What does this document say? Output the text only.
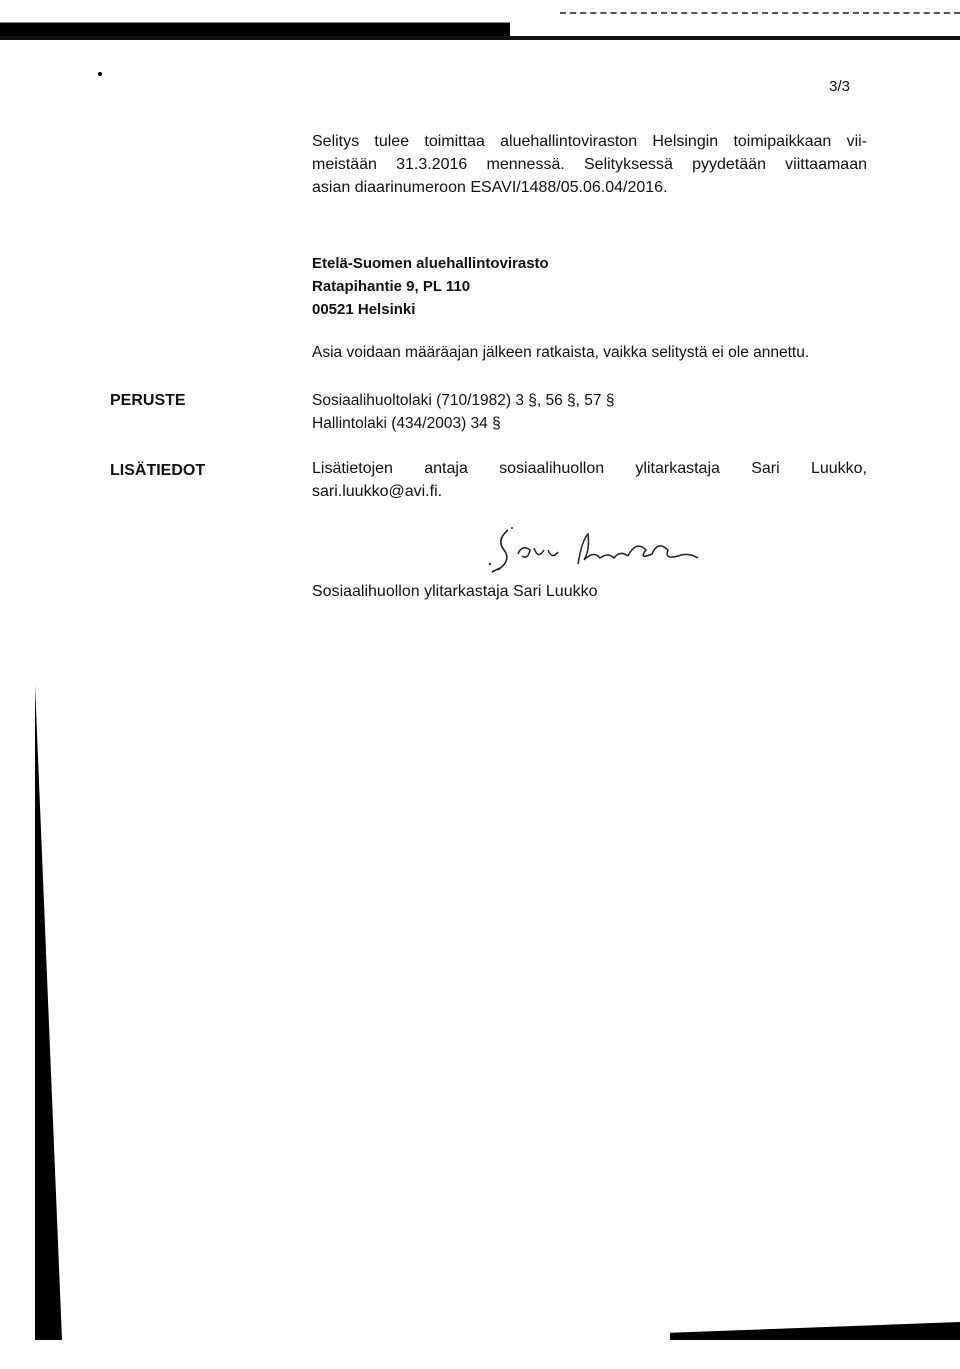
3/3
Selitys tulee toimittaa aluehallintoviraston Helsingin toimipaikkaan vii-
meistään 31.3.2016 mennessä. Selityksessä pyydetään viittaamaan
asian diaarinumeroon ESAVI/1488/05.06.04/2016.
Etelä-Suomen aluehallintovirasto
Ratapihantie 9, PL 110
00521 Helsinki
Asia voidaan määräajan jälkeen ratkaista, vaikka selitystä ei ole annettu.
PERUSTE	Sosiaalihuoltolaki (710/1982) 3 §, 56 §, 57 §
Hallintolaki (434/2003) 34 §
LISÄTIEDOT	Lisätietojen antaja sosiaalihuollon ylitarkastaja Sari Luukko,
sari.luukko@avi.fi.
Sosiaalihuollon ylitarkastaja Sari Luukko
